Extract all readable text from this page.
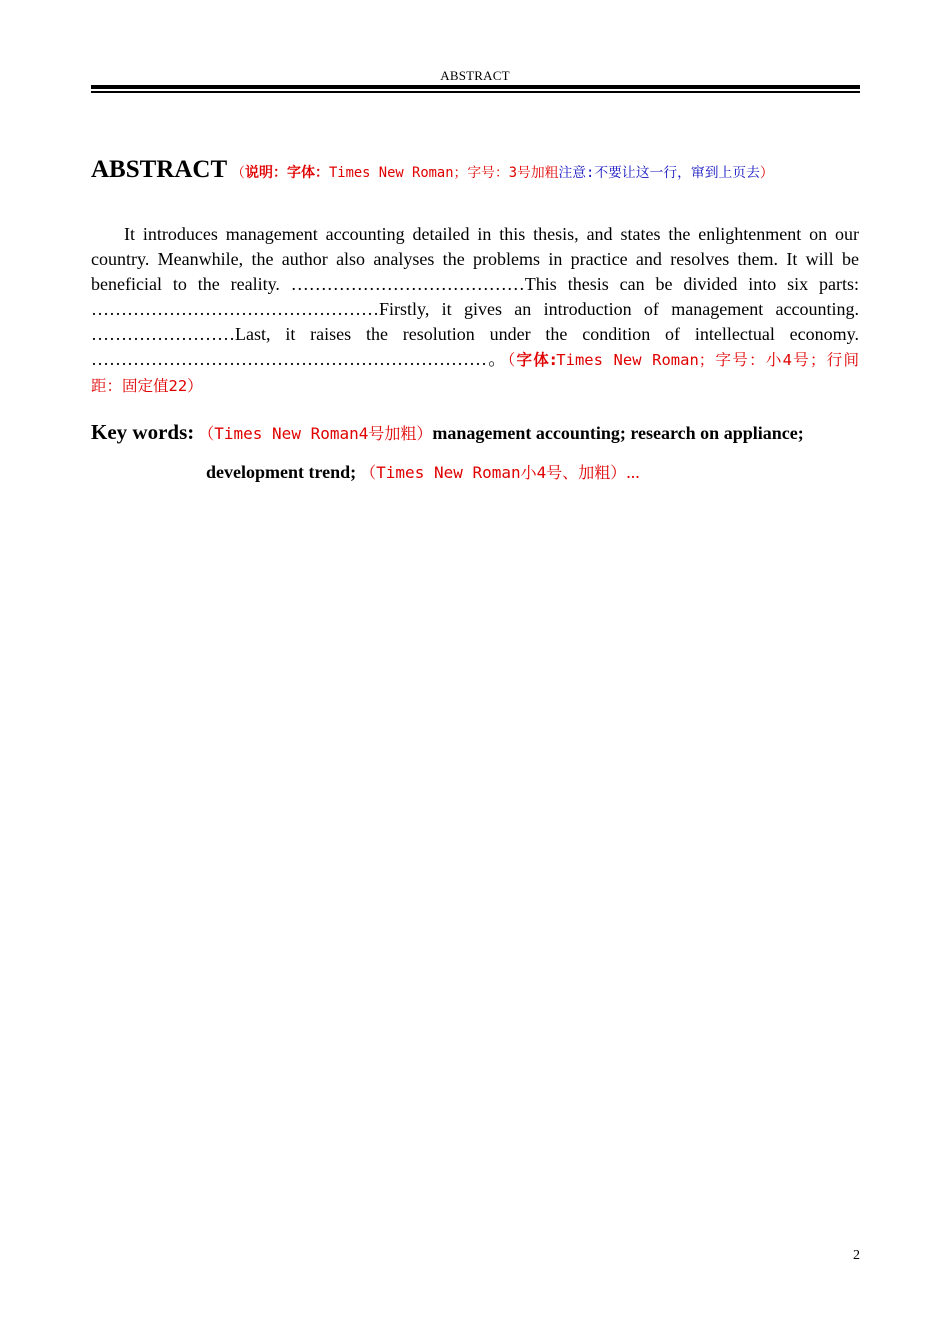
ABSTRACT
ABSTRACT （说明：字体：Times New Roman；字号：3号加粗注意:不要让这一行，窜到上页去）
It introduces management accounting detailed in this thesis, and states the enlightenment on our country. Meanwhile, the author also analyses the problems in practice and resolves them. It will be beneficial to the reality. …………………………………This thesis can be divided into six parts: …………………………………………Firstly, it gives an introduction of management accounting. ……………………Last, it raises the resolution under the condition of intellectual economy. …………………………………………………………。（字体:Times New Roman；字号：小4号；行间距：固定值22）
Key words: （Times New Roman4号加粗）management accounting; research on appliance;
development trend; （Times New Roman小4号、加粗）...
2
